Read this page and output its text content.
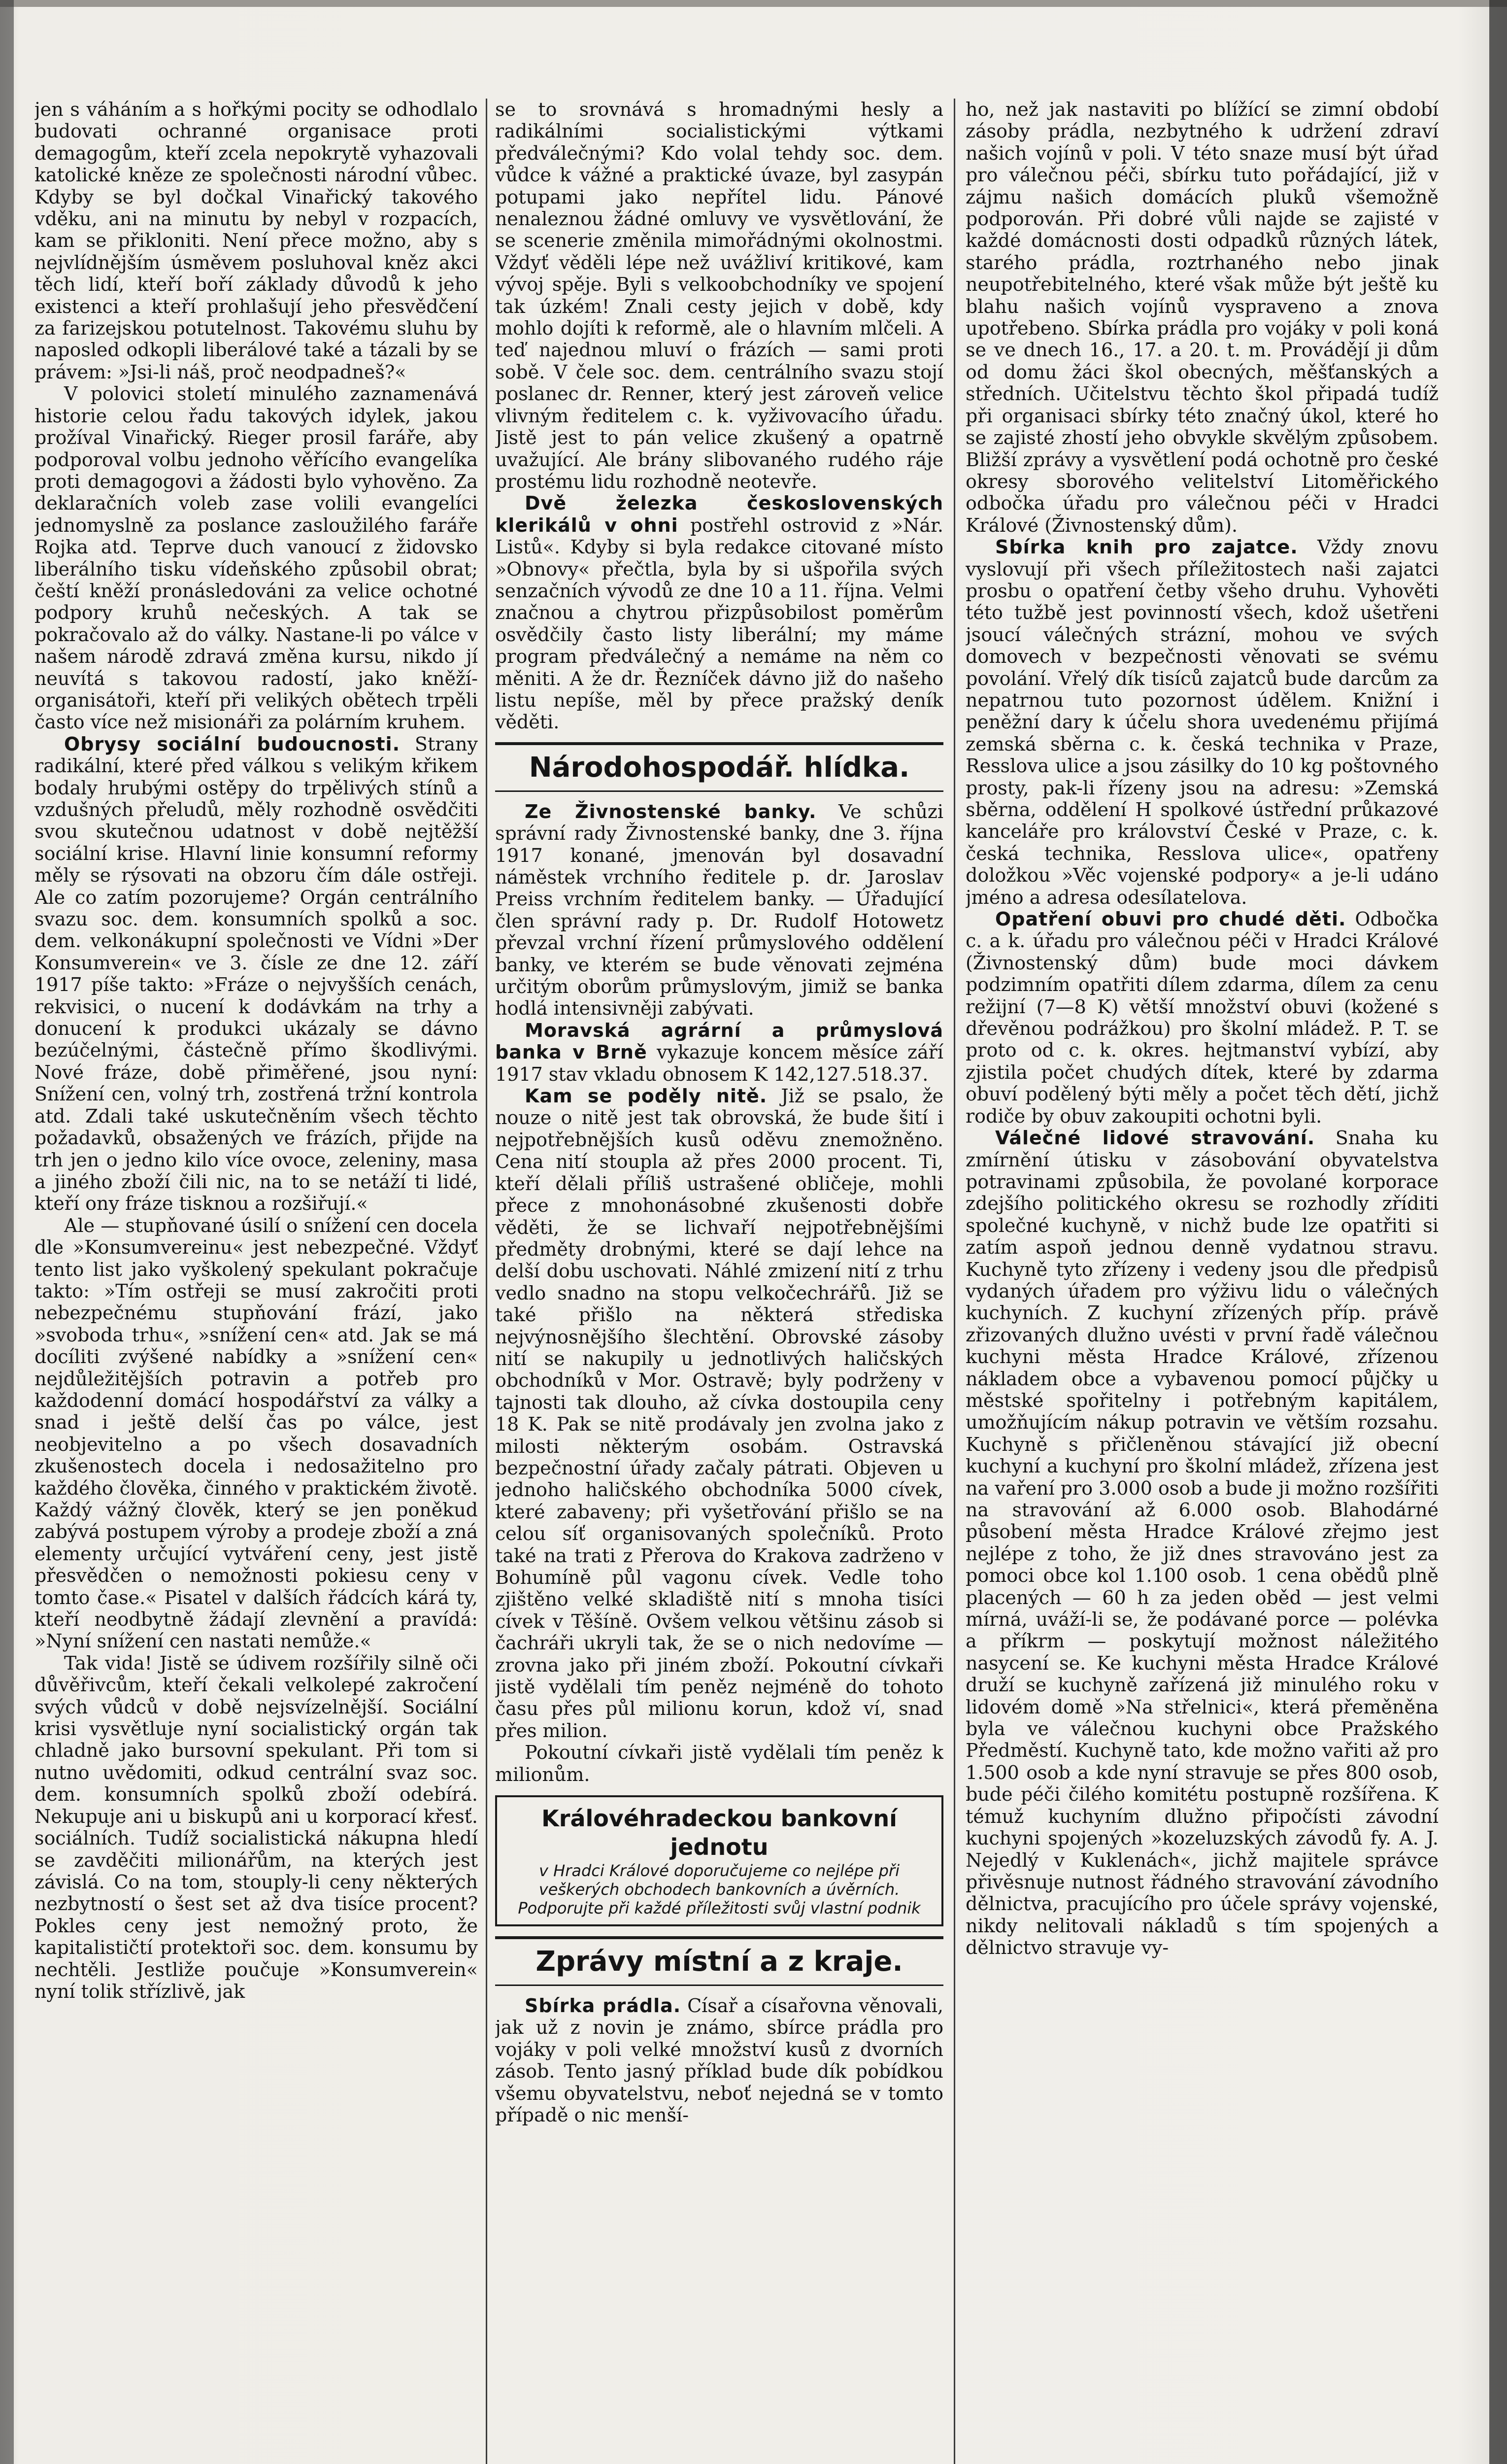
jen s váháním a s hořkými pocity se odhodlalo budovati ochranné organisace proti demagogům, kteří zcela nepokrytě vyhazovali katolické kněze ze společnosti národní vůbec. Kdyby se byl dočkal Vinařický takového vděku, ani na minutu by nebyl v rozpacích, kam se přikloniti. Není přece možno, aby s nejvlídnějším úsměvem posluhoval kněz akci těch lidí, kteří boří základy důvodů k jeho existenci a kteří prohlašují jeho přesvědčení za farizejskou potutelnost. Takovému sluhu by naposled odkopli liberálové také a tázali by se právem: »Jsi-li náš, proč neodpadneš?«

V polovici století minulého zaznamenává historie celou řadu takových idylek, jakou prožíval Vinařický. Rieger prosil faráře, aby podporoval volbu jednoho věřícího evangelíka proti demagogovi a žádosti bylo vyhověno. Za deklaračních voleb zase volili evangelíci jednomyslně za poslance zasloužilého faráře Rojka atd. Teprve duch vanoucí z židovsko liberálního tisku vídeňského způsobil obrat; čeští kněží pronásledováni za velice ochotné podpory kruhů nečeských. A tak se pokračovalo až do války. Nastane-li po válce v našem národě zdravá změna kursu, nikdo jí neuvítá s takovou radostí, jako kněží-organisátoři, kteří při velikých obětech trpěli často více než misionáři za polárním kruhem.

Obrysy sociální budoucnosti. Strany radikální, které před válkou s velikým křikem bodaly hrubými ostěpy do trpělivých stínů a vzdušných přeludů, měly rozhodně osvědčiti svou skutečnou udatnost v době nejtěžší sociální krise. Hlavní linie konsumní reformy měly se rýsovati na obzoru čím dále ostřeji. Ale co zatím pozorujeme? Orgán centrálního svazu soc. dem. konsumních spolků a soc. dem. velkonákupní společnosti ve Vídni »Der Konsumverein« ve 3. čísle ze dne 12. září 1917 píše takto: »Fráze o nejvyšších cenách, rekvisici, o nucení k dodávkám na trhy a donucení k produkci ukázaly se dávno bezúčelnými, částečně přímo škodlivými. Nové fráze, době přiměřené, jsou nyní: Snížení cen, volný trh, zostřená tržní kontrola atd. Zdali také uskutečněním všech těchto požadavků, obsažených ve frázích, přijde na trh jen o jedno kilo více ovoce, zeleniny, masa a jiného zboží čili nic, na to se netáží ti lidé, kteří ony fráze tisknou a rozšiřují.«

Ale — stupňované úsilí o snížení cen docela dle »Konsumvereinu« jest nebezpečné. Vždyť tento list jako vyškolený spekulant pokračuje takto: »Tím ostřeji se musí zakročiti proti nebezpečnému stupňování frází, jako »svoboda trhu«, »snížení cen« atd. Jak se má docíliti zvýšené nabídky a »snížení cen« nejdůležitějších potravin a potřeb pro každodenní domácí hospodářství za války a snad i ještě delší čas po válce, jest neobjevitelno a po všech dosavadních zkušenostech docela i nedosažitelno pro každého člověka, činného v praktickém životě. Každý vážný člověk, který se jen poněkud zabývá postupem výroby a prodeje zboží a zná elementy určující vytváření ceny, jest jistě přesvědčen o nemožnosti pokiesu ceny v tomto čase.« Pisatel v dalších řádcích kárá ty, kteří neodbytně žádají zlevnění a pravídá: »Nyní snížení cen nastati nemůže.«

Tak vida! Jistě se údivem rozšířily silně oči důvěřivcům, kteří čekali velkolepé zakročení svých vůdců v době nejsvízelnější. Sociální krisi vysvětluje nyní socialistický orgán tak chladně jako bursovní spekulant. Při tom si nutno uvědomiti, odkud centrální svaz soc. dem. konsumních spolků zboží odebírá. Nekupuje ani u biskupů ani u korporací křesť. sociálních. Tudíž socialistická nákupna hledí se zavděčiti milionářům, na kterých jest závislá. Co na tom, stouply-li ceny některých nezbytností o šest set až dva tisíce procent? Pokles ceny jest nemožný proto, že kapitalističtí protektoři soc. dem. konsumu by nechtěli. Jestliže poučuje »Konsumverein« nyní tolik střízlivě, jak

se to srovnává s hromadnými hesly a radikálními socialistickými výtkami předválečnými? Kdo volal tehdy soc. dem. vůdce k vážné a praktické úvaze, byl zasypán potupami jako nepřítel lidu. Pánové nenaleznou žádné omluvy ve vysvětlování, že se scenerie změnila mimořádnými okolnostmi. Vždyť věděli lépe než uvážliví kritikové, kam vývoj spěje. Byli s velkoobchodníky ve spojení tak úzkém! Znali cesty jejich v době, kdy mohlo dojíti k reformě, ale o hlavním mlčeli. A teď najednou mluví o frázích — sami proti sobě. V čele soc. dem. centrálního svazu stojí poslanec dr. Renner, který jest zároveň velice vlivným ředitelem c. k. vyživovacího úřadu. Jistě jest to pán velice zkušený a opatrně uvažující. Ale brány slibovaného rudého ráje prostému lidu rozhodně neotevře.

Dvě železka československých klerikálů v ohni postřehl ostrovid z »Nár. Listů«. Kdyby si byla redakce citované místo »Obnovy« přečtla, byla by si ušpořila svých senzačních vývodů ze dne 10 a 11. října. Velmi značnou a chytrou přizpůsobilost poměrům osvědčily často listy liberální; my máme program předválečný a nemáme na něm co měniti. A že dr. Řezníček dávno již do našeho listu nepíše, měl by přece pražský deník věděti.

Národohospodář. hlídka.

Ze Živnostenské banky. Ve schůzi správní rady Živnostenské banky, dne 3. října 1917 konané, jmenován byl dosavadní náměstek vrchního ředitele p. dr. Jaroslav Preiss vrchním ředitelem banky. — Úřadující člen správní rady p. Dr. Rudolf Hotowetz převzal vrchní řízení průmyslového oddělení banky, ve kterém se bude věnovati zejména určitým oborům průmyslovým, jimiž se banka hodlá intensivněji zabývati.

Moravská agrární a průmyslová banka v Brně vykazuje koncem měsíce září 1917 stav vkladu obnosem K 142,127.518.37.

Kam se poděly nitě. Již se psalo, že nouze o nitě jest tak obrovská, že bude šití i nejpotřebnějších kusů oděvu znemožněno. Cena nití stoupla až přes 2000 procent. Ti, kteří dělali příliš ustrašené obličeje, mohli přece z mnohonásobné zkušenosti dobře věděti, že se lichvaří nejpotřebnějšími předměty drobnými, které se dají lehce na delší dobu uschovati. Náhlé zmizení nití z trhu vedlo snadno na stopu velkočechrářů. Již se také přišlo na některá střediska nejvýnosnějšího šlechtění. Obrovské zásoby nití se nakupily u jednotlivých haličských obchodníků v Mor. Ostravě; byly podrženy v tajnosti tak dlouho, až cívka dostoupila ceny 18 K. Pak se nitě prodávaly jen zvolna jako z milosti některým osobám. Ostravská bezpečnostní úřady začaly pátrati. Objeven u jednoho haličského obchodníka 5000 cívek, které zabaveny; při vyšetřování přišlo se na celou síť organisovaných společníků. Proto také na trati z Přerova do Krakova zadrženo v Bohumíně půl vagonu cívek. Vedle toho zjištěno velké skladiště nití s mnoha tisíci cívek v Těšíně. Ovšem velkou většinu zásob si čachráři ukryli tak, že se o nich nedovíme — zrovna jako při jiném zboží. Pokoutní cívkaři jistě vydělali tím peněz nejméně do tohoto času přes půl milionu korun, kdož ví, snad přes milion.

Pokoutní cívkaři jistě vydělali tím peněz k milionům.

Královéhradeckou bankovní jednotu
v Hradci Králové doporučujeme co nejlépe při veškerých obchodech bankovních a úvěrních. Podporujte při každé příležitosti svůj vlastní podnik
Zprávy místní a z kraje.

Sbírka prádla. Císař a císařovna věnovali, jak už z novin je známo, sbírce prádla pro vojáky v poli velké množství kusů z dvorních zásob. Tento jasný příklad bude dík pobídkou všemu obyvatelstvu, neboť nejedná se v tomto případě o nic menší-

ho, než jak nastaviti po blížící se zimní období zásoby prádla, nezbytného k udržení zdraví našich vojínů v poli. V této snaze musí být úřad pro válečnou péči, sbírku tuto pořádající, již v zájmu našich domácích pluků všemožně podporován. Při dobré vůli najde se zajisté v každé domácnosti dosti odpadků různých látek, starého prádla, roztrhaného nebo jinak neupotřebitelného, které však může být ještě ku blahu našich vojínů vyspraveno a znova upotřebeno. Sbírka prádla pro vojáky v poli koná se ve dnech 16., 17. a 20. t. m. Provádějí ji dům od domu žáci škol obecných, měšťanských a středních. Učitelstvu těchto škol připadá tudíž při organisaci sbírky této značný úkol, které ho se zajisté zhostí jeho obvykle skvělým způsobem. Bližší zprávy a vysvětlení podá ochotně pro české okresy sborového velitelství Litoměřického odbočka úřadu pro válečnou péči v Hradci Králové (Živnostenský dům).

Sbírka knih pro zajatce. Vždy znovu vyslovují při všech příležitostech naši zajatci prosbu o opatření četby všeho druhu. Vyhověti této tužbě jest povinností všech, kdož ušetřeni jsoucí válečných strázní, mohou ve svých domovech v bezpečnosti věnovati se svému povolání. Vřelý dík tisíců zajatců bude darcům za nepatrnou tuto pozornost údělem. Knižní i peněžní dary k účelu shora uvedenému přijímá zemská sběrna c. k. česká technika v Praze, Resslova ulice a jsou zásilky do 10 kg poštovného prosty, pak-li řízeny jsou na adresu: »Zemská sběrna, oddělení H spolkové ústřední průkazové kanceláře pro království České v Praze, c. k. česká technika, Resslova ulice«, opatřeny doložkou »Věc vojenské podpory« a je-li udáno jméno a adresa odesílatelova.

Opatření obuvi pro chudé děti. Odbočka c. a k. úřadu pro válečnou péči v Hradci Králové (Živnostenský dům) bude moci dávkem podzimním opatřiti dílem zdarma, dílem za cenu režijní (7—8 K) větší množství obuvi (kožené s dřevěnou podrážkou) pro školní mládež. P. T. se proto od c. k. okres. hejtmanství vybízí, aby zjistila počet chudých dítek, které by zdarma obuví podělený býti měly a počet těch dětí, jichž rodiče by obuv zakoupiti ochotni byli.

Válečné lidové stravování. Snaha ku zmírnění útisku v zásobování obyvatelstva potravinami způsobila, že povolané korporace zdejšího politického okresu se rozhodly zříditi společné kuchyně, v nichž bude lze opatřiti si zatím aspoň jednou denně vydatnou stravu. Kuchyně tyto zřízeny i vedeny jsou dle předpisů vydaných úřadem pro výživu lidu o válečných kuchyních. Z kuchyní zřízených příp. právě zřizovaných dlužno uvésti v první řadě válečnou kuchyni města Hradce Králové, zřízenou nákladem obce a vybavenou pomocí půjčky u městské spořitelny i potřebným kapitálem, umožňujícím nákup potravin ve větším rozsahu. Kuchyně s přičleněnou stávající již obecní kuchyní a kuchyní pro školní mládež, zřízena jest na vaření pro 3.000 osob a bude ji možno rozšířiti na stravování až 6.000 osob. Blahodárné působení města Hradce Králové zřejmo jest nejlépe z toho, že již dnes stravováno jest za pomoci obce kol 1.100 osob. 1 cena obědů plně placených — 60 h za jeden oběd — jest velmi mírná, uváží-li se, že podávané porce — polévka a příkrm — poskytují možnost náležitého nasycení se. Ke kuchyni města Hradce Králové druží se kuchyně zařízená již minulého roku v lidovém domě »Na střelnici«, která přeměněna byla ve válečnou kuchyni obce Pražského Předměstí. Kuchyně tato, kde možno vařiti až pro 1.500 osob a kde nyní stravuje se přes 800 osob, bude péči čilého komitétu postupně rozšířena. K témuž kuchyním dlužno připočísti závodní kuchyni spojených »kozeluzských závodů fy. A. J. Nejedlý v Kuklenách«, jichž majitele správce přivěsnuje nutnost řádného stravování závodního dělnictva, pracujícího pro účele správy vojenské, nikdy nelitovali nákladů s tím spojených a dělnictvo stravuje vy-
